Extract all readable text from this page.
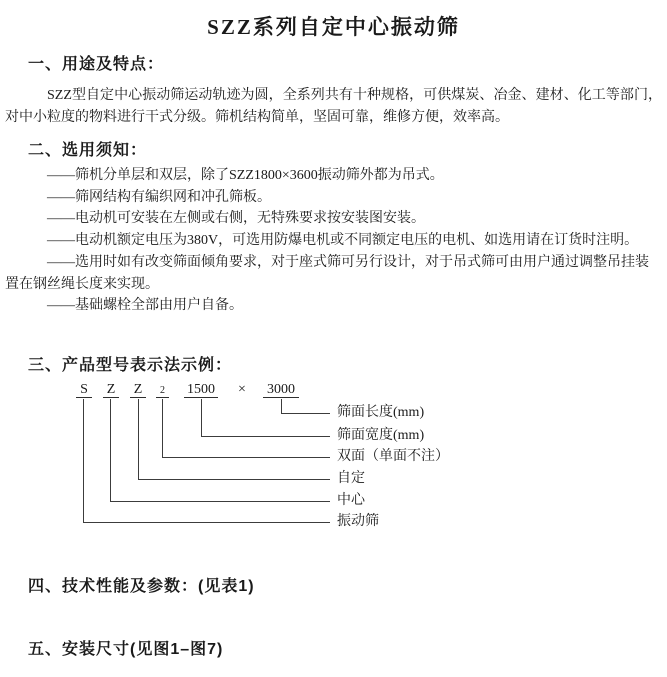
SZZ系列自定中心振动筛
一、用途及特点：

SZZ型自定中心振动筛运动轨迹为圆，全系列共有十种规格，可供煤炭、冶金、建材、化工等部门，对中小粒度的物料进行干式分级。筛机结构简单，坚固可靠，维修方便，效率高。

二、选用须知：
——筛机分单层和双层，除了SZZ1800×3600振动筛外都为吊式。
——筛网结构有编织网和冲孔筛板。
——电动机可安装在左侧或右侧，无特殊要求按安装图安装。
——电动机额定电压为380V，可选用防爆电机或不同额定电压的电机、如选用请在订货时注明。
——选用时如有改变筛面倾角要求，对于座式筛可另行设计，对于吊式筛可由用户通过调整吊挂装置在钢丝绳长度来实现。
——基础螺栓全部由用户自备。
三、产品型号表示法示例：
S Z Z	2 1500	×	3000
筛面长度(mm)
筛面宽度(mm)
双面（单面不注）
自定
中心
振动筛
四、技术性能及参数：(见表1)
五、安装尺寸(见图1–图7)
